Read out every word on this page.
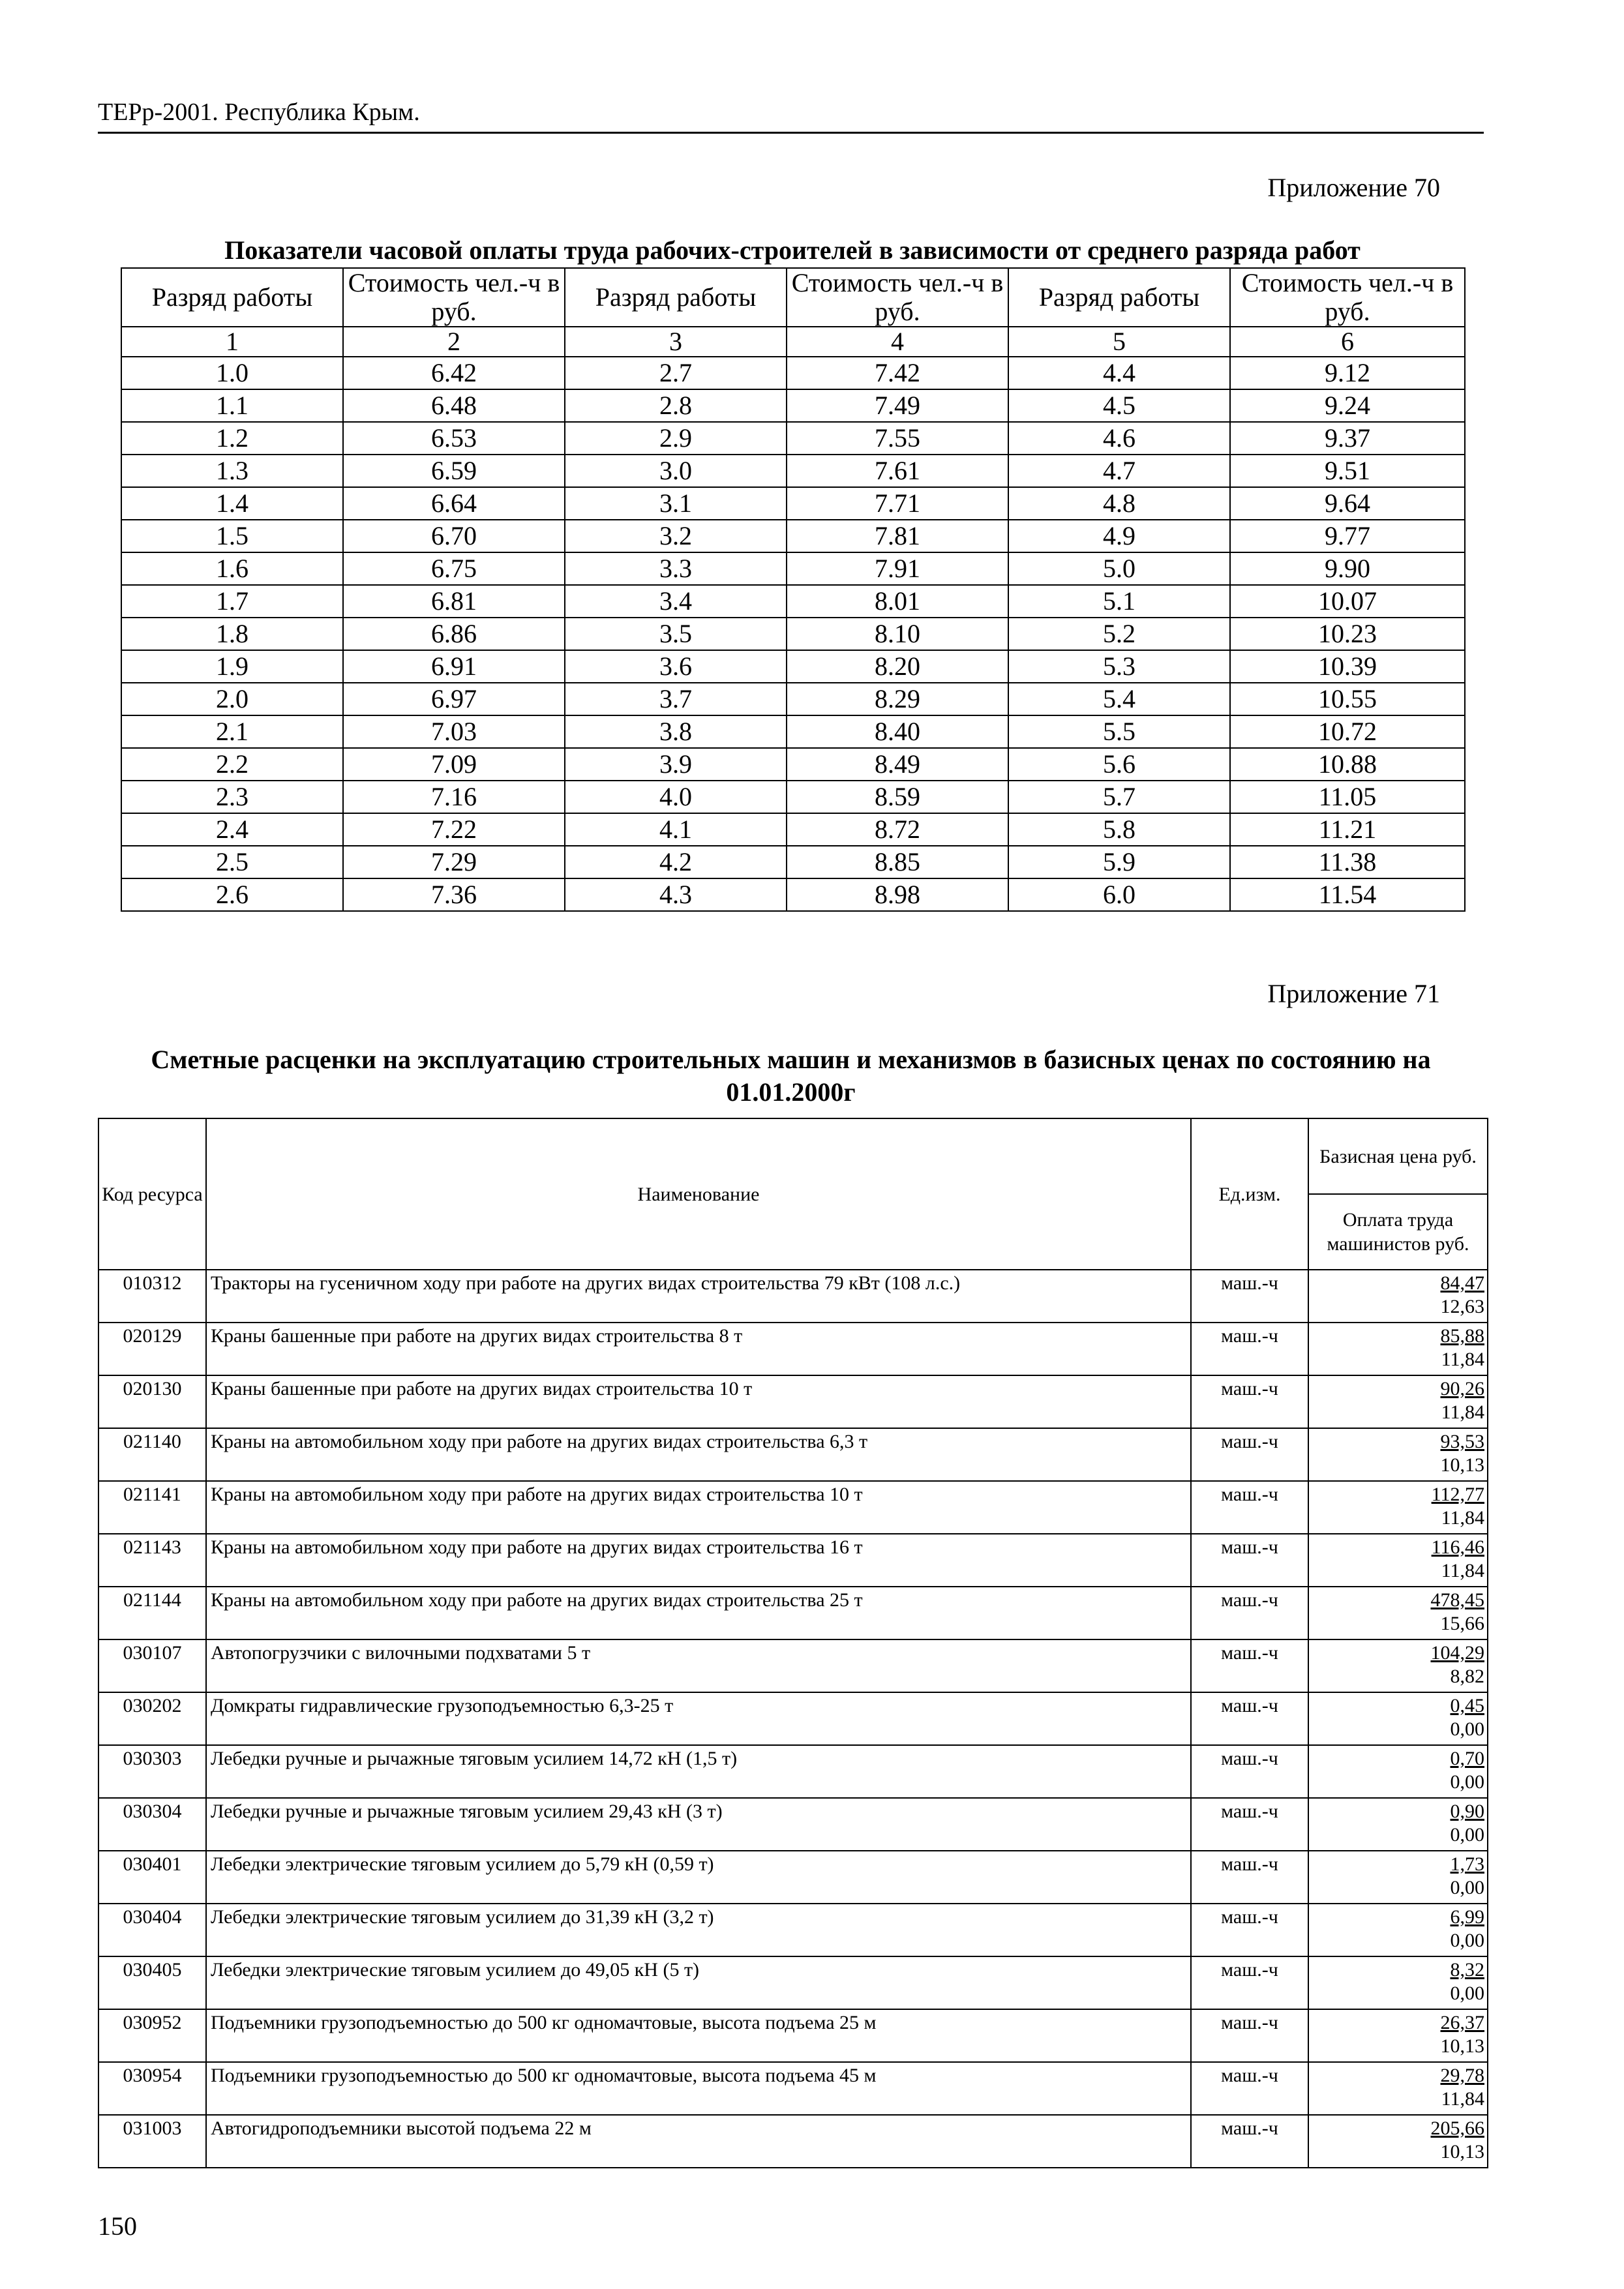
ТЕРр-2001. Республика Крым.
Приложение 70
Показатели часовой оплаты труда рабочих-строителей в зависимости от среднего разряда работ
Разряд работы	Стоимость чел.-ч в руб.	Разряд работы	Стоимость чел.-ч в руб.	Разряд работы	Стоимость чел.-ч в руб.
1	2	3	4	5	6
1.0	6.42	2.7	7.42	4.4	9.12
1.1	6.48	2.8	7.49	4.5	9.24
1.2	6.53	2.9	7.55	4.6	9.37
1.3	6.59	3.0	7.61	4.7	9.51
1.4	6.64	3.1	7.71	4.8	9.64
1.5	6.70	3.2	7.81	4.9	9.77
1.6	6.75	3.3	7.91	5.0	9.90
1.7	6.81	3.4	8.01	5.1	10.07
1.8	6.86	3.5	8.10	5.2	10.23
1.9	6.91	3.6	8.20	5.3	10.39
2.0	6.97	3.7	8.29	5.4	10.55
2.1	7.03	3.8	8.40	5.5	10.72
2.2	7.09	3.9	8.49	5.6	10.88
2.3	7.16	4.0	8.59	5.7	11.05
2.4	7.22	4.1	8.72	5.8	11.21
2.5	7.29	4.2	8.85	5.9	11.38
2.6	7.36	4.3	8.98	6.0	11.54
Приложение 71
Сметные расценки на эксплуатацию строительных машин и механизмов в базисных ценах по состоянию на 01.01.2000г
Код ресурса	Наименование	Ед.изм.	Базисная цена руб.
			Оплата труда машинистов руб.
010312	Тракторы на гусеничном ходу при работе на других видах строительства 79 кВт (108 л.с.)	маш.-ч	84,47
12,63

020129	Краны башенные при работе на других видах строительства 8 т	маш.-ч	85,88
11,84

020130	Краны башенные при работе на других видах строительства 10 т	маш.-ч	90,26
11,84

021140	Краны на автомобильном ходу при работе на других видах строительства 6,3 т	маш.-ч	93,53
10,13

021141	Краны на автомобильном ходу при работе на других видах строительства 10 т	маш.-ч	112,77
11,84

021143	Краны на автомобильном ходу при работе на других видах строительства 16 т	маш.-ч	116,46
11,84

021144	Краны на автомобильном ходу при работе на других видах строительства 25 т	маш.-ч	478,45
15,66

030107	Автопогрузчики с вилочными подхватами 5 т	маш.-ч	104,29
8,82

030202	Домкраты гидравлические грузоподъемностью 6,3-25 т	маш.-ч	0,45
0,00

030303	Лебедки ручные и рычажные тяговым усилием 14,72 кН (1,5 т)	маш.-ч	0,70
0,00

030304	Лебедки ручные и рычажные тяговым усилием 29,43 кН (3 т)	маш.-ч	0,90
0,00

030401	Лебедки электрические тяговым усилием до 5,79 кН (0,59 т)	маш.-ч	1,73
0,00

030404	Лебедки электрические тяговым усилием до 31,39 кН (3,2 т)	маш.-ч	6,99
0,00

030405	Лебедки электрические тяговым усилием до 49,05 кН (5 т)	маш.-ч	8,32
0,00

030952	Подъемники грузоподъемностью до 500 кг одномачтовые, высота подъема 25 м	маш.-ч	26,37
10,13

030954	Подъемники грузоподъемностью до 500 кг одномачтовые, высота подъема 45 м	маш.-ч	29,78
11,84

031003	Автогидроподъемники высотой подъема 22 м	маш.-ч	205,66
10,13
150
